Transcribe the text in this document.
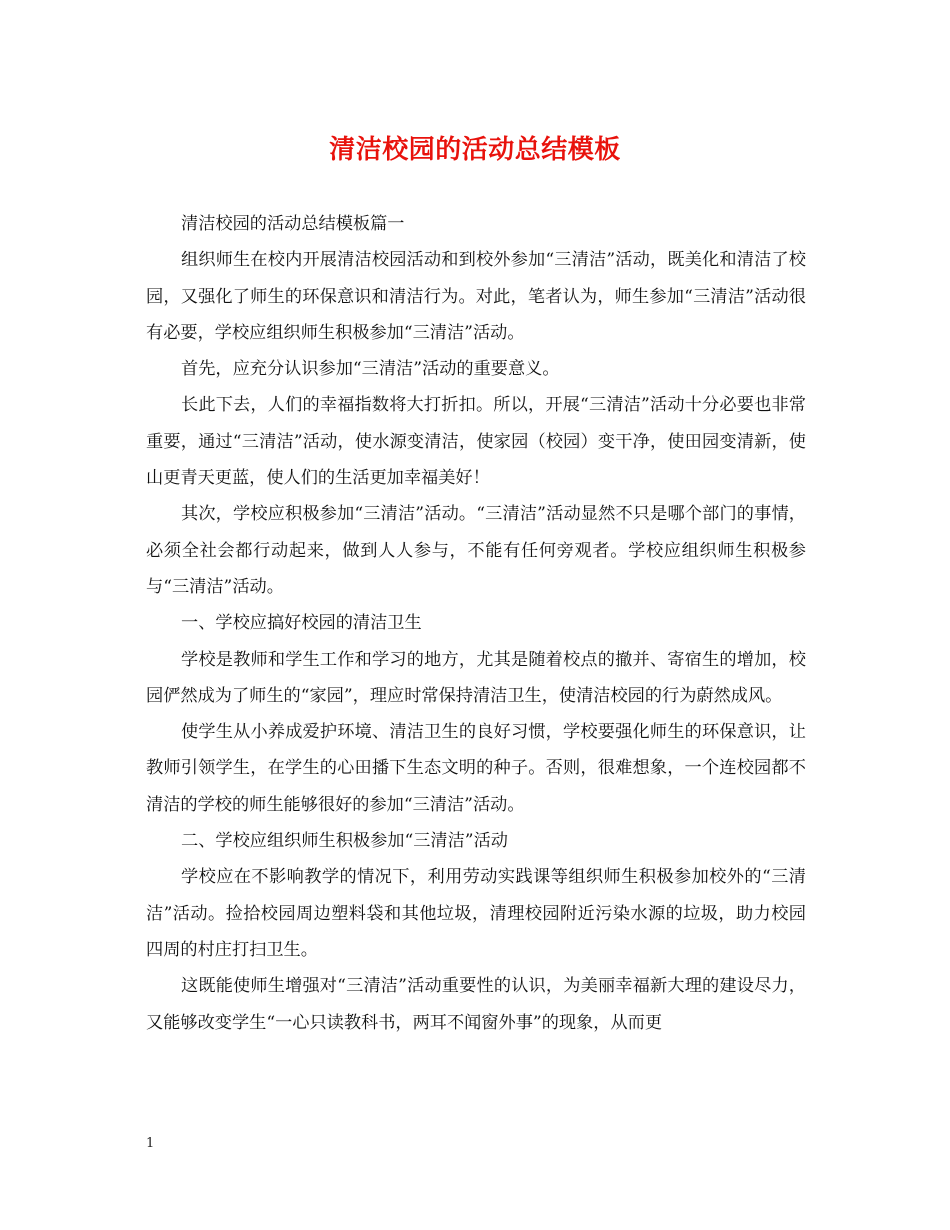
清洁校园的活动总结模板

清洁校园的活动总结模板篇一

组织师生在校内开展清洁校园活动和到校外参加“三清洁”活动，既美化和清洁了校园，又强化了师生的环保意识和清洁行为。对此，笔者认为，师生参加“三清洁”活动很有必要，学校应组织师生积极参加“三清洁”活动。

首先，应充分认识参加“三清洁”活动的重要意义。

长此下去，人们的幸福指数将大打折扣。所以，开展“三清洁”活动十分必要也非常重要，通过“三清洁”活动，使水源变清洁，使家园（校园）变干净，使田园变清新，使山更青天更蓝，使人们的生活更加幸福美好！

其次，学校应积极参加“三清洁”活动。“三清洁”活动显然不只是哪个部门的事情，必须全社会都行动起来，做到人人参与，不能有任何旁观者。学校应组织师生积极参与“三清洁”活动。

一、学校应搞好校园的清洁卫生

学校是教师和学生工作和学习的地方，尤其是随着校点的撤并、寄宿生的增加，校园俨然成为了师生的“家园”，理应时常保持清洁卫生，使清洁校园的行为蔚然成风。

使学生从小养成爱护环境、清洁卫生的良好习惯，学校要强化师生的环保意识，让教师引领学生，在学生的心田播下生态文明的种子。否则，很难想象，一个连校园都不清洁的学校的师生能够很好的参加“三清洁”活动。

二、学校应组织师生积极参加“三清洁”活动

学校应在不影响教学的情况下，利用劳动实践课等组织师生积极参加校外的“三清洁”活动。捡拾校园周边塑料袋和其他垃圾，清理校园附近污染水源的垃圾，助力校园四周的村庄打扫卫生。

这既能使师生增强对“三清洁”活动重要性的认识，为美丽幸福新大理的建设尽力，又能够改变学生“一心只读教科书，两耳不闻窗外事”的现象，从而更

1
